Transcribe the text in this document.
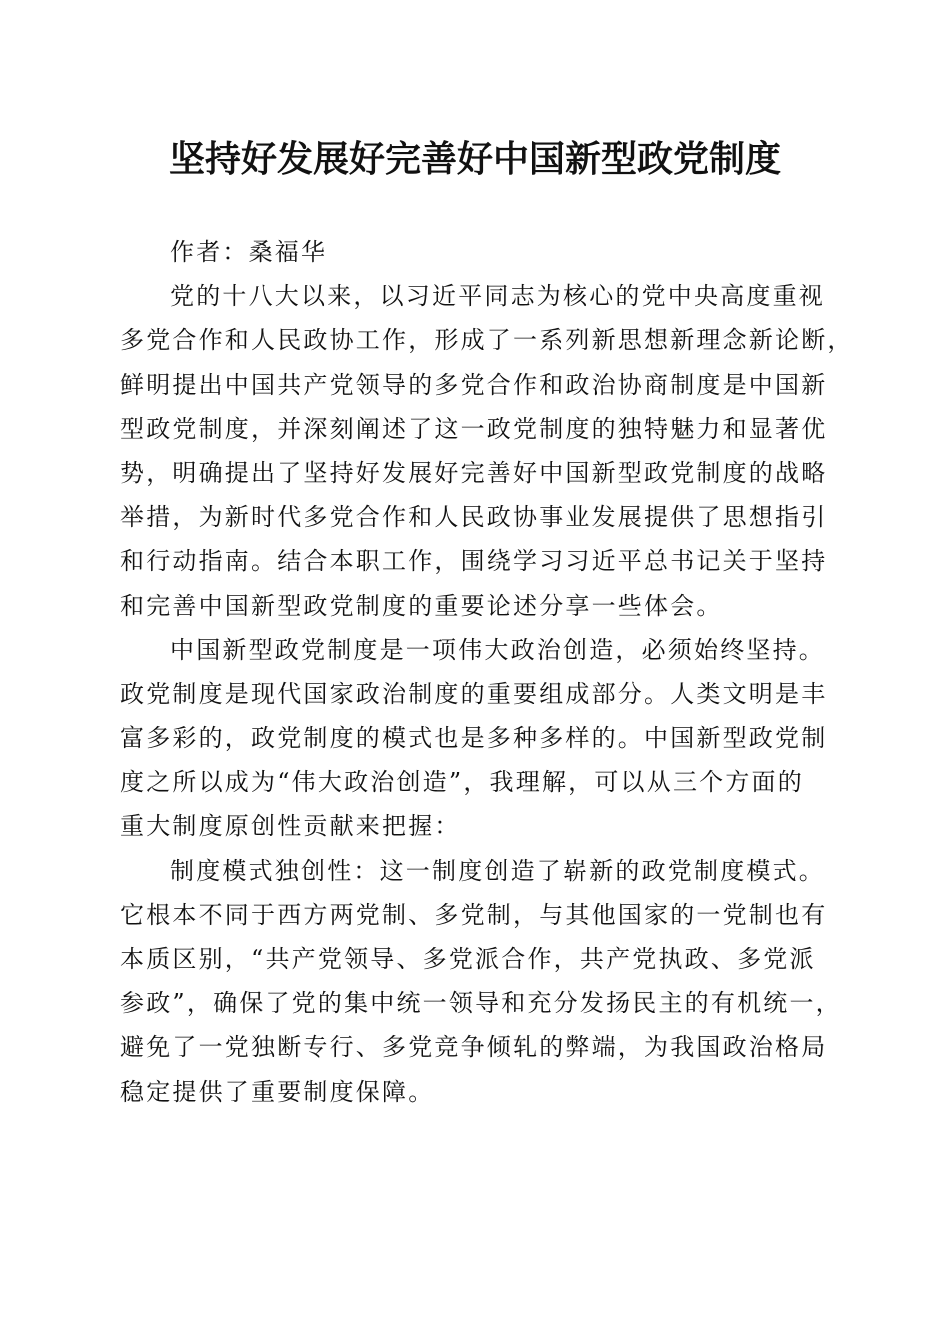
坚持好发展好完善好中国新型政党制度
作者：桑福华
党的十八大以来，以习近平同志为核心的党中央高度重视
多党合作和人民政协工作，形成了一系列新思想新理念新论断，
鲜明提出中国共产党领导的多党合作和政治协商制度是中国新
型政党制度，并深刻阐述了这一政党制度的独特魅力和显著优
势，明确提出了坚持好发展好完善好中国新型政党制度的战略
举措，为新时代多党合作和人民政协事业发展提供了思想指引
和行动指南。结合本职工作，围绕学习习近平总书记关于坚持
和完善中国新型政党制度的重要论述分享一些体会。
中国新型政党制度是一项伟大政治创造，必须始终坚持。
政党制度是现代国家政治制度的重要组成部分。人类文明是丰
富多彩的，政党制度的模式也是多种多样的。中国新型政党制
度之所以成为“伟大政治创造”，我理解，可以从三个方面的
重大制度原创性贡献来把握：
制度模式独创性：这一制度创造了崭新的政党制度模式。
它根本不同于西方两党制、多党制，与其他国家的一党制也有
本质区别，“共产党领导、多党派合作，共产党执政、多党派
参政”，确保了党的集中统一领导和充分发扬民主的有机统一，
避免了一党独断专行、多党竞争倾轧的弊端，为我国政治格局
稳定提供了重要制度保障。
